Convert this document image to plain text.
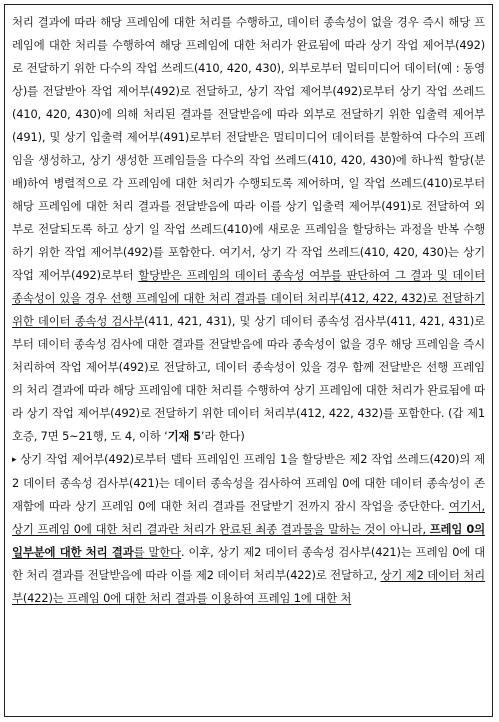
처리 결과에 따라 해당 프레임에 대한 처리를 수행하고, 데이터 종속성이 없을 경우 즉시 해당 프레임에 대한 처리를 수행하여 해당 프레임에 대한 처리가 완료됨에 따라 상기 작업 제어부(492)로 전달하기 위한 다수의 작업 쓰레드(410, 420, 430), 외부로부터 멀티미디어 데이터(예 : 동영상)를 전달받아 작업 제어부(492)로 전달하고, 상기 작업 제어부(492)로부터 상기 작업 쓰레드(410, 420, 430)에 의해 처리된 결과를 전달받음에 따라 외부로 전달하기 위한 입출력 제어부(491), 및 상기 입출력 제어부(491)로부터 전달받은 멀티미디어 데이터를 분할하여 다수의 프레임을 생성하고, 상기 생성한 프레임들을 다수의 작업 쓰레드(410, 420, 430)에 하나씩 할당(분배)하여 병렬적으로 각 프레임에 대한 처리가 수행되도록 제어하며, 일 작업 쓰레드(410)로부터 해당 프레임에 대한 처리 결과를 전달받음에 따라 이를 상기 입출력 제어부(491)로 전달하여 외부로 전달되도록 하고 상기 일 작업 쓰레드(410)에 새로운 프레임을 할당하는 과정을 반복 수행하기 위한 작업 제어부(492)를 포함한다. 여기서, 상기 각 작업 쓰레드(410, 420, 430)는 상기 작업 제어부(492)로부터 할당받은 프레임의 데이터 종속성 여부를 판단하여 그 결과 및 데이터 종속성이 있을 경우 선행 프레임에 대한 처리 결과를 데이터 처리부(412, 422, 432)로 전달하기 위한 데이터 종속성 검사부(411, 421, 431), 및 상기 데이터 종속성 검사부(411, 421, 431)로부터 데이터 종속성 검사에 대한 결과를 전달받음에 따라 종속성이 없을 경우 해당 프레임을 즉시 처리하여 작업 제어부(492)로 전달하고, 데이터 종속성이 있을 경우 함께 전달받은 선행 프레임의 처리 결과에 따라 해당 프레임에 대한 처리를 수행하여 상기 프레임에 대한 처리가 완료됨에 따라 상기 작업 제어부(492)로 전달하기 위한 데이터 처리부(412, 422, 432)를 포함한다. (갑 제1호증, 7면 5~21행, 도 4, 이하 ‘기재 5’라 한다)

▸ 상기 작업 제어부(492)로부터 델타 프레임인 프레임 1을 할당받은 제2 작업 쓰레드(420)의 제2 데이터 종속성 검사부(421)는 데이터 종속성을 검사하여 프레임 0에 대한 데이터 종속성이 존재함에 따라 상기 프레임 0에 대한 처리 결과를 전달받기 전까지 잠시 작업을 중단한다. 여기서, 상기 프레임 0에 대한 처리 결과란 처리가 완료된 최종 결과물을 말하는 것이 아니라, 프레임 0의 일부분에 대한 처리 결과를 말한다. 이후, 상기 제2 데이터 종속성 검사부(421)는 프레임 0에 대한 처리 결과를 전달받음에 따라 이를 제2 데이터 처리부(422)로 전달하고, 상기 제2 데이터 처리부(422)는 프레임 0에 대한 처리 결과를 이용하여 프레임 1에 대한 처
